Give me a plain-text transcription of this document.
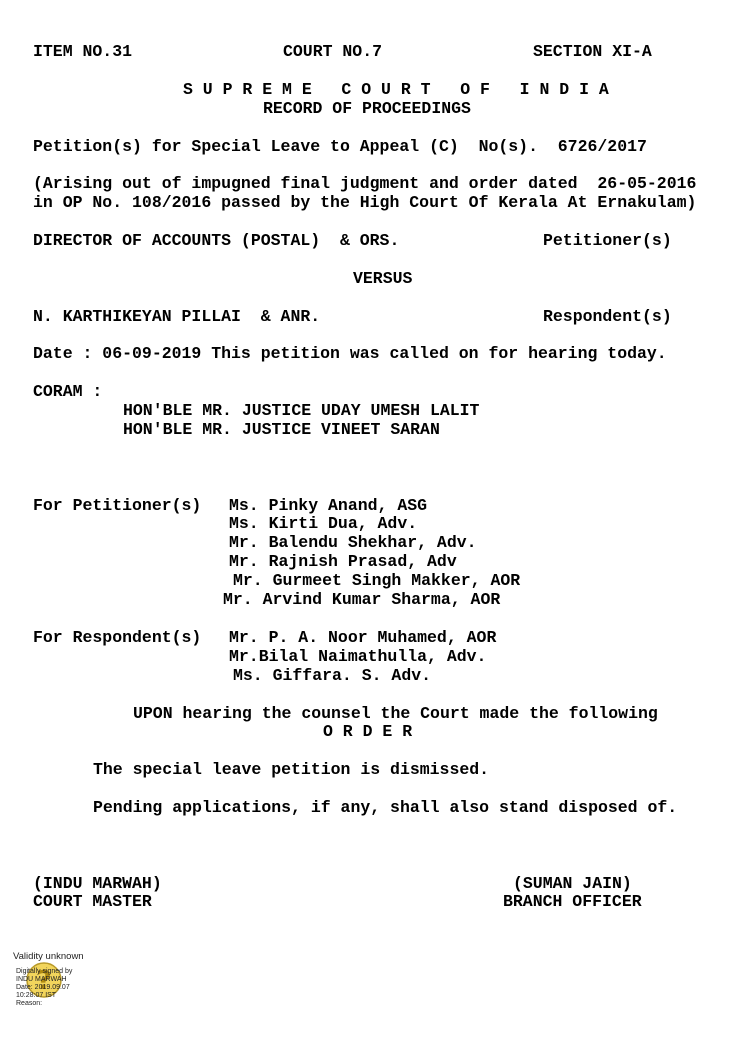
ITEM NO.31	COURT NO.7	SECTION XI-A
S U P R E M E   C O U R T   O F   I N D I A
RECORD OF PROCEEDINGS
Petition(s) for Special Leave to Appeal (C)  No(s).  6726/2017
(Arising out of impugned final judgment and order dated  26-05-2016
in OP No. 108/2016 passed by the High Court Of Kerala At Ernakulam)
DIRECTOR OF ACCOUNTS (POSTAL)  & ORS.	Petitioner(s)
VERSUS
N. KARTHIKEYAN PILLAI  & ANR.	Respondent(s)
Date : 06-09-2019 This petition was called on for hearing today.
CORAM :
HON'BLE MR. JUSTICE UDAY UMESH LALIT
HON'BLE MR. JUSTICE VINEET SARAN
For Petitioner(s) Ms. Pinky Anand, ASG
Ms. Kirti Dua, Adv.
Mr. Balendu Shekhar, Adv.
Mr. Rajnish Prasad, Adv
Mr. Gurmeet Singh Makker, AOR
Mr. Arvind Kumar Sharma, AOR
For Respondent(s) Mr. P. A. Noor Muhamed, AOR
Mr.Bilal Naimathulla, Adv.
Ms. Giffara. S. Adv.
UPON hearing the counsel the Court made the following
O R D E R
The special leave petition is dismissed.
Pending applications, if any, shall also stand disposed of.
(INDU MARWAH)
COURT MASTER
(SUMAN JAIN)
BRANCH OFFICER
?
Validity unknown
Digitally signed by
INDU MARWAH
Date: 2019.09.07
10:28:07 IST
Reason:
